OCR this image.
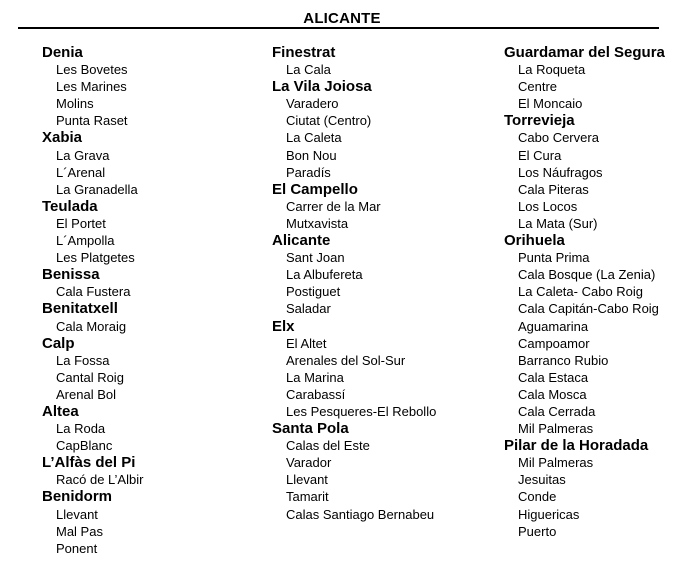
ALICANTE
Denia
Les Bovetes
Les Marines
Molins
Punta Raset
Xabia
La Grava
L´Arenal
La Granadella
Teulada
El Portet
L´Ampolla
Les Platgetes
Benissa
Cala Fustera
Benitatxell
Cala Moraig
Calp
La Fossa
Cantal Roig
Arenal Bol
Altea
La Roda
CapBlanc
L’Alfàs del Pi
Racó de L’Albir
Benidorm
Llevant
Mal Pas
Ponent
Finestrat
La Cala
La Vila Joiosa
Varadero
Ciutat (Centro)
La Caleta
Bon Nou
Paradís
El Campello
Carrer de la Mar
Mutxavista
Alicante
Sant Joan
La Albufereta
Postiguet
Saladar
Elx
El Altet
Arenales del Sol-Sur
La Marina
Carabassí
Les Pesqueres-El Rebollo
Santa Pola
Calas del Este
Varador
Llevant
Tamarit
Calas Santiago Bernabeu
Guardamar del Segura
La Roqueta
Centre
El Moncaio
Torrevieja
Cabo Cervera
El Cura
Los Náufragos
Cala Piteras
Los Locos
La Mata (Sur)
Orihuela
Punta Prima
Cala Bosque (La Zenia)
La Caleta- Cabo Roig
Cala Capitán-Cabo Roig
Aguamarina
Campoamor
Barranco Rubio
Cala Estaca
Cala Mosca
Cala Cerrada
Mil Palmeras
Pilar de la Horadada
Mil Palmeras
Jesuitas
Conde
Higuericas
Puerto
